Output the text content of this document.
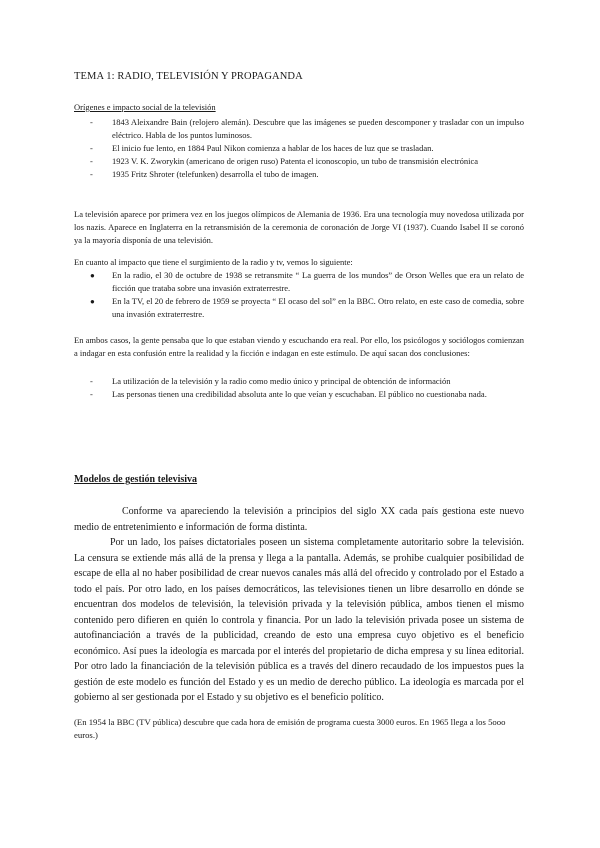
TEMA 1: RADIO, TELEVISIÓN Y PROPAGANDA

Orígenes e impacto social de la televisión

- 1843 Aleixandre Bain (relojero alemán). Descubre que las imágenes se pueden descomponer y trasladar con un impulso eléctrico. Habla de los puntos luminosos.
- El inicio fue lento, en 1884 Paul Nikon comienza a hablar de los haces de luz que se trasladan.
- 1923 V. K. Zworykin (americano de origen ruso) Patenta el iconoscopio, un tubo de transmisión electrónica
- 1935 Fritz Shroter (telefunken) desarrolla el tubo de imagen.

La televisión aparece por primera vez en los juegos olímpicos de Alemania de 1936. Era una tecnología muy novedosa utilizada por los nazis. Aparece en Inglaterra en la retransmisión de la ceremonia de coronación de Jorge VI (1937). Cuando Isabel II se coronó ya la mayoría disponía de una televisión.

En cuanto al impacto que tiene el surgimiento de la radio y tv, vemos lo siguiente:

● En la radio, el 30 de octubre de 1938 se retransmite “ La guerra de los mundos” de Orson Welles que era un relato de ficción que trataba sobre una invasión extraterrestre.
● En la TV, el 20 de febrero de 1959 se proyecta “ El ocaso del sol” en la BBC. Otro relato, en este caso de comedia, sobre una invasión extraterrestre.

En ambos casos, la gente pensaba que lo que estaban viendo y escuchando era real. Por ello, los psicólogos y sociólogos comienzan a indagar en esta confusión entre la realidad y la ficción e indagan en este estímulo. De aquí sacan dos conclusiones:

- La utilización de la televisión y la radio como medio único y principal de obtención de información
- Las personas tienen una credibilidad absoluta ante lo que veían y escuchaban. El público no cuestionaba nada.

Modelos de gestión televisiva

Conforme va apareciendo la televisión a principios del siglo XX cada país gestiona este nuevo medio de entretenimiento e información de forma distinta.

Por un lado, los países dictatoriales poseen un sistema completamente autoritario sobre la televisión. La censura se extiende más allá de la prensa y llega a la pantalla. Además, se prohibe cualquier posibilidad de escape de ella al no haber posibilidad de crear nuevos canales más allá del ofrecido y controlado por el Estado a todo el país. Por otro lado, en los países democráticos, las televisiones tienen un libre desarrollo en dónde se encuentran dos modelos de televisión, la televisión privada y la televisión pública, ambos tienen el mismo contenido pero difieren en quién lo controla y financia. Por un lado la televisión privada posee un sistema de autofinanciación a través de la publicidad, creando de esto una empresa cuyo objetivo es el beneficio económico. Así pues la ideología es marcada por el interés del propietario de dicha empresa y su línea editorial. Por otro lado la financiación de la televisión pública es a través del dinero recaudado de los impuestos pues la gestión de este modelo es función del Estado y es un medio de derecho público. La ideología es marcada por el gobierno al ser gestionada por el Estado y su objetivo es el beneficio político.

(En 1954 la BBC (TV pública) descubre que cada hora de emisión de programa cuesta 3000 euros. En 1965 llega a los 5ooo euros.)
